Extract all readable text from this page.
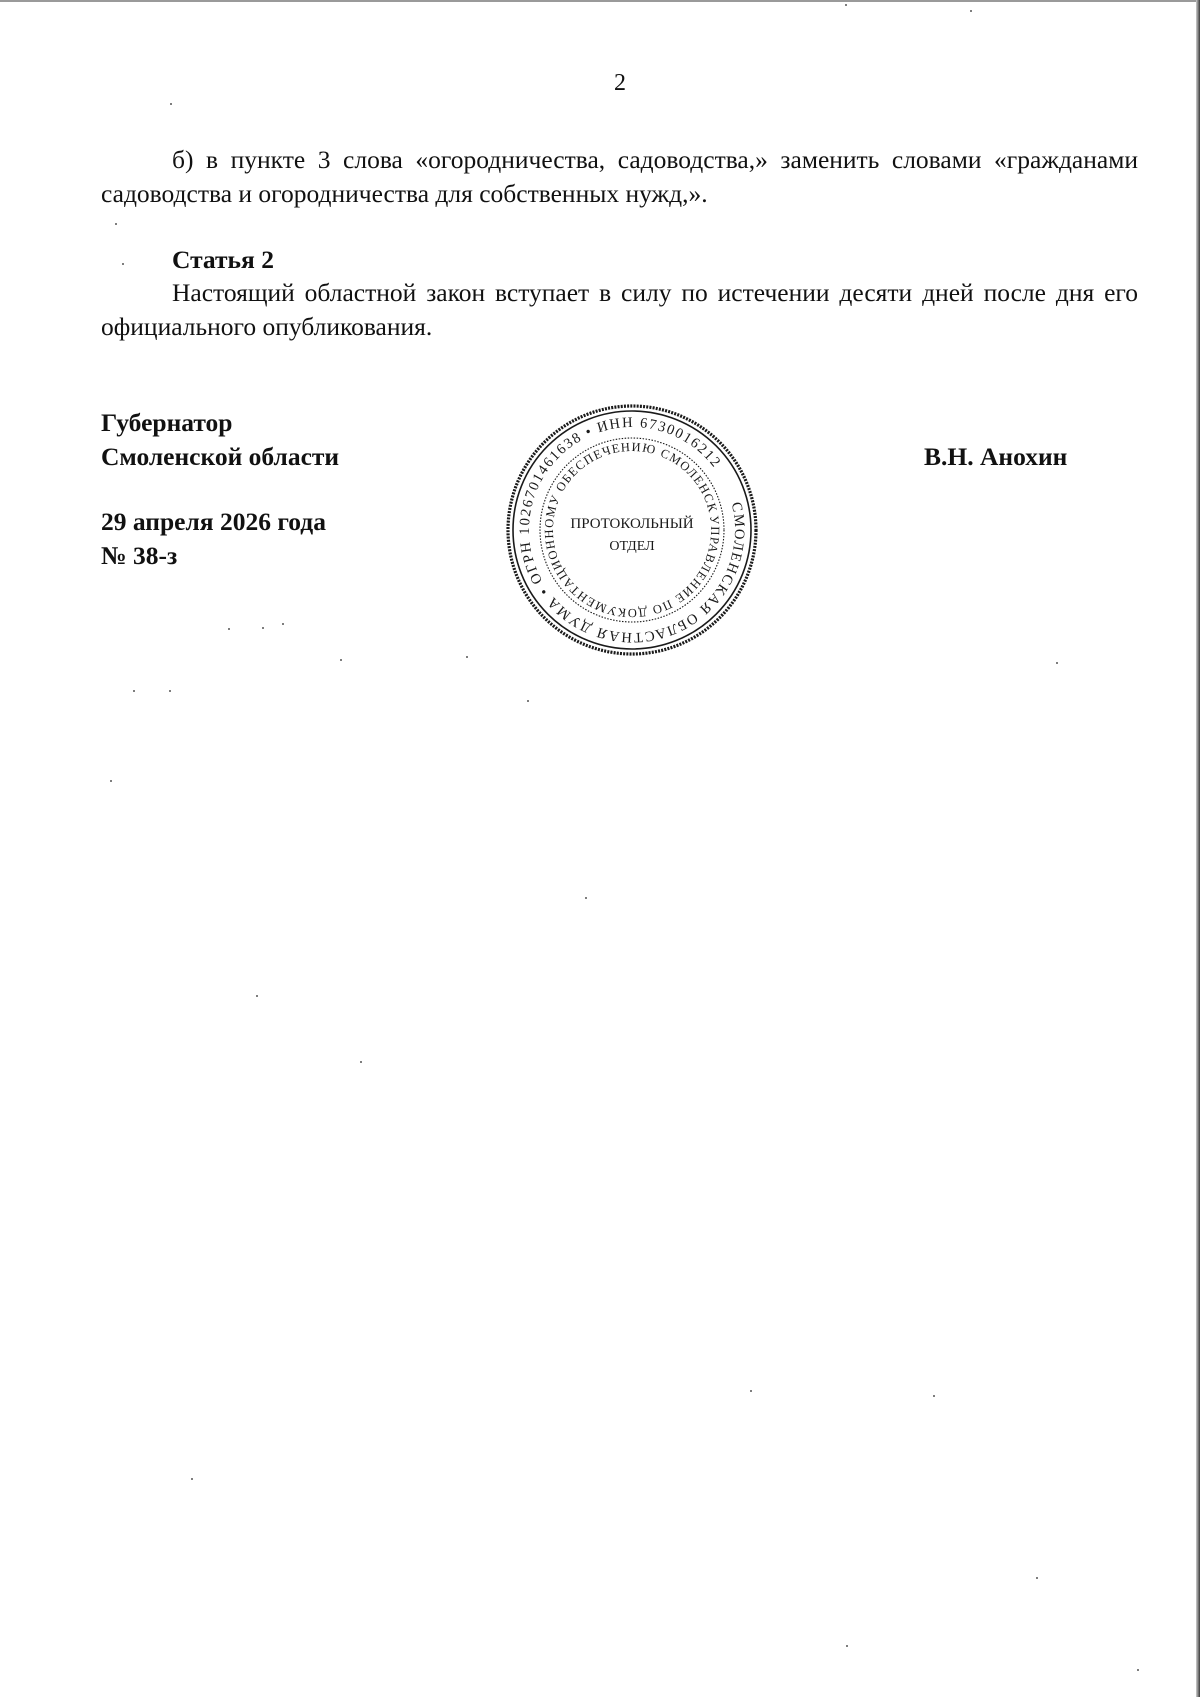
2

б) в пункте 3 слова «огородничества, садоводства,» заменить словами «гражданами садоводства и огородничества для собственных нужд,».

Статья 2

Настоящий областной закон вступает в силу по истечении десяти дней после дня его официального опубликования.

Губернатор
Смоленской области	В.Н. Анохин
29 апреля 2026 года
№ 38-з
СМОЛЕНСКАЯ ОБЛАСТНАЯ ДУМА • ОГРН 1026701461638 • ИНН 6730016212
УПРАВЛЕНИЕ ПО ДОКУМЕНТАЦИОННОМУ ОБЕСПЕЧЕНИЮ СМОЛЕНСКОЙ
ПРОТОКОЛЬНЫЙ
ОТДЕЛ
